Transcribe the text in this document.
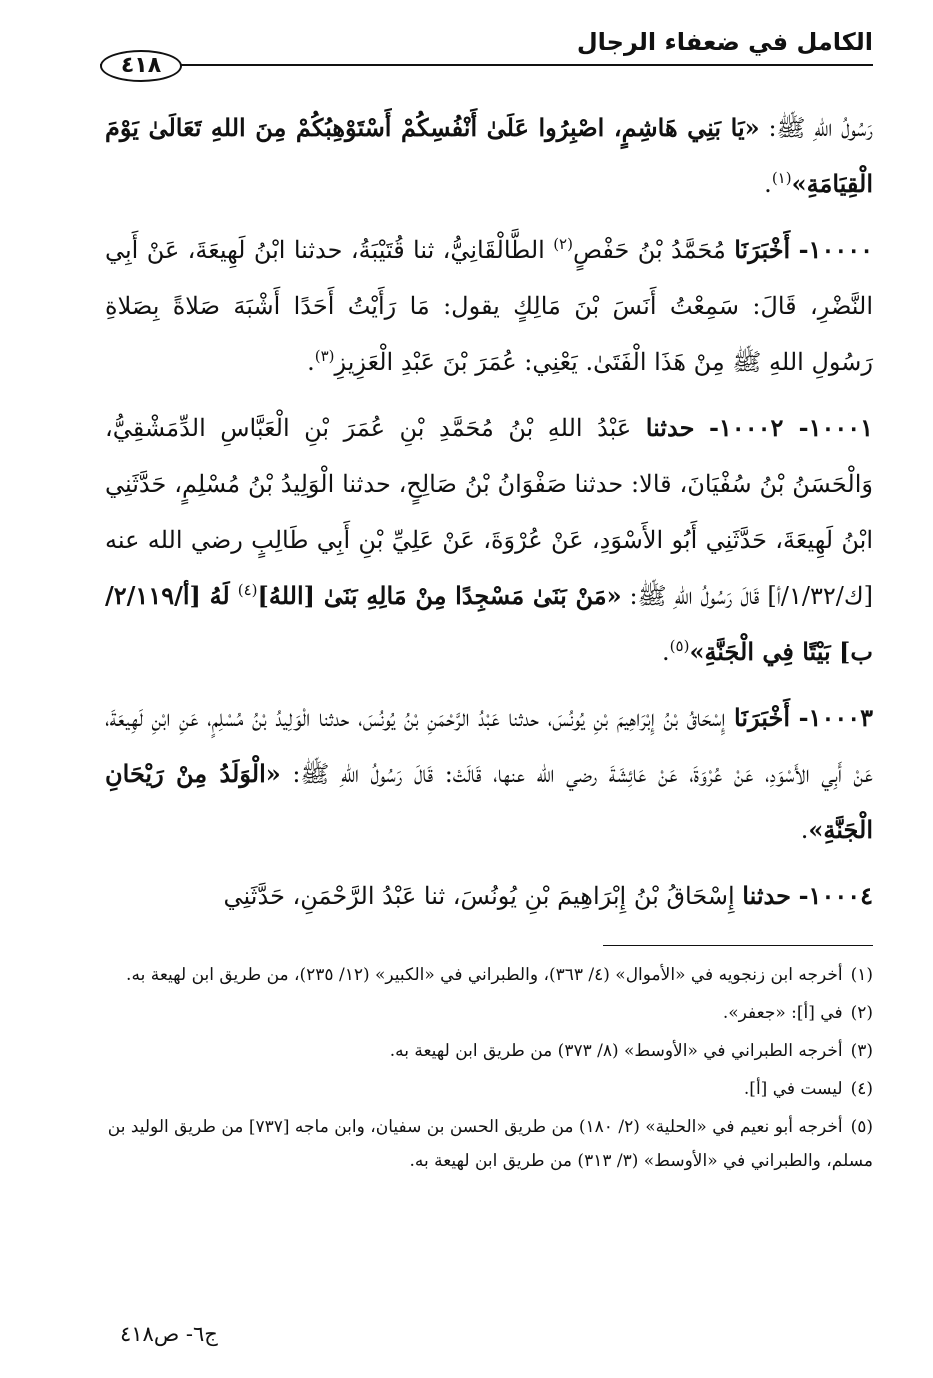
الكامل في ضعفاء الرجال
٤١٨

رَسُولُ اللهِ ﷺ: «يَا بَنِي هَاشِمٍ، اصْبِرُوا عَلَىٰ أَنْفُسِكُمْ أَسْتَوْهِبُكُمْ مِنَ اللهِ تَعَالَىٰ يَوْمَ الْقِيَامَةِ»$^{(١)}$.

١٠٠٠٠- أَخْبَرَنَا مُحَمَّدُ بْنُ حَفْصٍ$^{(٢)}$ الطَّالْقَانِيُّ، ثنا قُتَيْبَةُ، حدثنا ابْنُ لَهِيعَةَ، عَنْ أَبِي النَّضْرِ، قَالَ: سَمِعْتُ أَنَسَ بْنَ مَالِكٍ يقول: مَا رَأَيْتُ أَحَدًا أَشْبَهَ صَلاةً بِصَلاةِ رَسُولِ اللهِ ﷺ مِنْ هَذَا الْفَتَىٰ. يَعْنِي: عُمَرَ بْنَ عَبْدِ الْعَزِيزِ$^{(٣)}$.

١٠٠٠١- ١٠٠٠٢- حدثنا عَبْدُ اللهِ بْنُ مُحَمَّدِ بْنِ عُمَرَ بْنِ الْعَبَّاسِ الدِّمَشْقِيُّ، وَالْحَسَنُ بْنُ سُفْيَانَ، قالا: حدثنا صَفْوَانُ بْنُ صَالِحٍ، حدثنا الْوَلِيدُ بْنُ مُسْلِمٍ، حَدَّثَنِي ابْنُ لَهِيعَةَ، حَدَّثَنِي أَبُو الأَسْوَدِ، عَنْ عُرْوَةَ، عَنْ عَلِيِّ بْنِ أَبِي طَالِبٍ رضي الله عنه [ك/١/٣٢/أ] قَالَ رَسُولُ اللهِ ﷺ: «مَنْ بَنَىٰ مَسْجِدًا مِنْ مَالِهِ بَنَىٰ [اللهُ]$^{(٤)}$ لَهُ [أ/٢/١١٩/ب] بَيْتًا فِي الْجَنَّةِ»$^{(٥)}$.

١٠٠٠٣- أَخْبَرَنَا إِسْحَاقُ بْنُ إِبْرَاهِيمَ بْنِ يُونُسَ، حدثنا عَبْدُ الرَّحْمَنِ بْنُ يُونُسَ، حدثنا الْوَلِيدُ بْنُ مُسْلِمٍ، عَنِ ابْنِ لَهِيعَةَ، عَنْ أَبِي الأَسْوَدِ، عَنْ عُرْوَةَ، عَنْ عَائِشَةَ رضي الله عنها، قَالَتْ: قَالَ رَسُولُ اللهِ ﷺ: «الْوَلَدُ مِنْ رَيْحَانِ الْجَنَّةِ».

١٠٠٠٤- حدثنا إِسْحَاقُ بْنُ إِبْرَاهِيمَ بْنِ يُونُسَ، ثنا عَبْدُ الرَّحْمَنِ، حَدَّثَنِي

(١)أخرجه ابن زنجويه في «الأموال» (٤/ ٣٦٣)، والطبراني في «الكبير» (١٢/ ٢٣٥)، من طريق ابن لهيعة به.

(٢)في [أ]: «جعفر».

(٣)أخرجه الطبراني في «الأوسط» (٨/ ٣٧٣) من طريق ابن لهيعة به.

(٤)ليست في [أ].

(٥)أخرجه أبو نعيم في «الحلية» (٢/ ١٨٠) من طريق الحسن بن سفيان، وابن ماجه [٧٣٧] من طريق الوليد بن مسلم، والطبراني في «الأوسط» (٣/ ٣١٣) من طريق ابن لهيعة به.

ج٦- ص٤١٨
